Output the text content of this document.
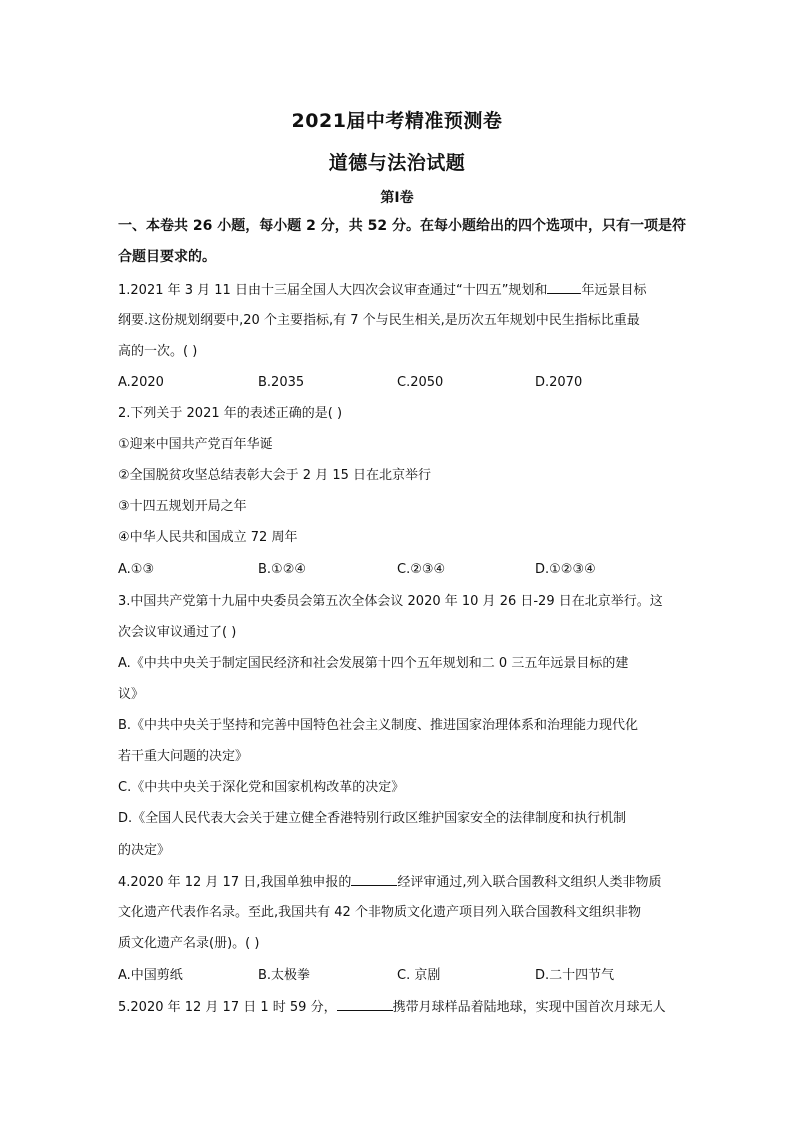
2021届中考精准预测卷
道德与法治试题
第Ⅰ卷
一、本卷共 26 小题，每小题 2 分，共 52 分。在每小题给出的四个选项中，只有一项是符
合题目要求的。
1.2021 年 3 月 11 日由十三届全国人大四次会议审查通过“十四五”规划和	年远景目标
纲要.这份规划纲要中,20 个主要指标,有 7 个与民生相关,是历次五年规划中民生指标比重最
高的一次。( )
A.2020	B.2035	C.2050	D.2070
2.下列关于 2021 年的表述正确的是( )
①迎来中国共产党百年华诞
②全国脱贫攻坚总结表彰大会于 2 月 15 日在北京举行
③十四五规划开局之年
④中华人民共和国成立 72 周年
A.①③	B.①②④	C.②③④	D.①②③④
3.中国共产党第十九届中央委员会第五次全体会议 2020 年 10 月 26 日-29 日在北京举行。这
次会议审议通过了( )
A.《中共中央关于制定国民经济和社会发展第十四个五年规划和二 0 三五年远景目标的建
议》
B.《中共中央关于坚持和完善中国特色社会主义制度、推进国家治理体系和治理能力现代化
若干重大问题的决定》
C.《中共中央关于深化党和国家机构改革的决定》
D.《全国人民代表大会关于建立健全香港特别行政区维护国家安全的法律制度和执行机制
的决定》
4.2020 年 12 月 17 日,我国单独申报的	经评审通过,列入联合国教科文组织人类非物质
文化遗产代表作名录。至此,我国共有 42 个非物质文化遗产项目列入联合国教科文组织非物
质文化遗产名录(册)。( )
A.中国剪纸	B.太极拳	C. 京剧	D.二十四节气
5.2020 年 12 月 17 日 1 时 59 分，	携带月球样品着陆地球，实现中国首次月球无人
